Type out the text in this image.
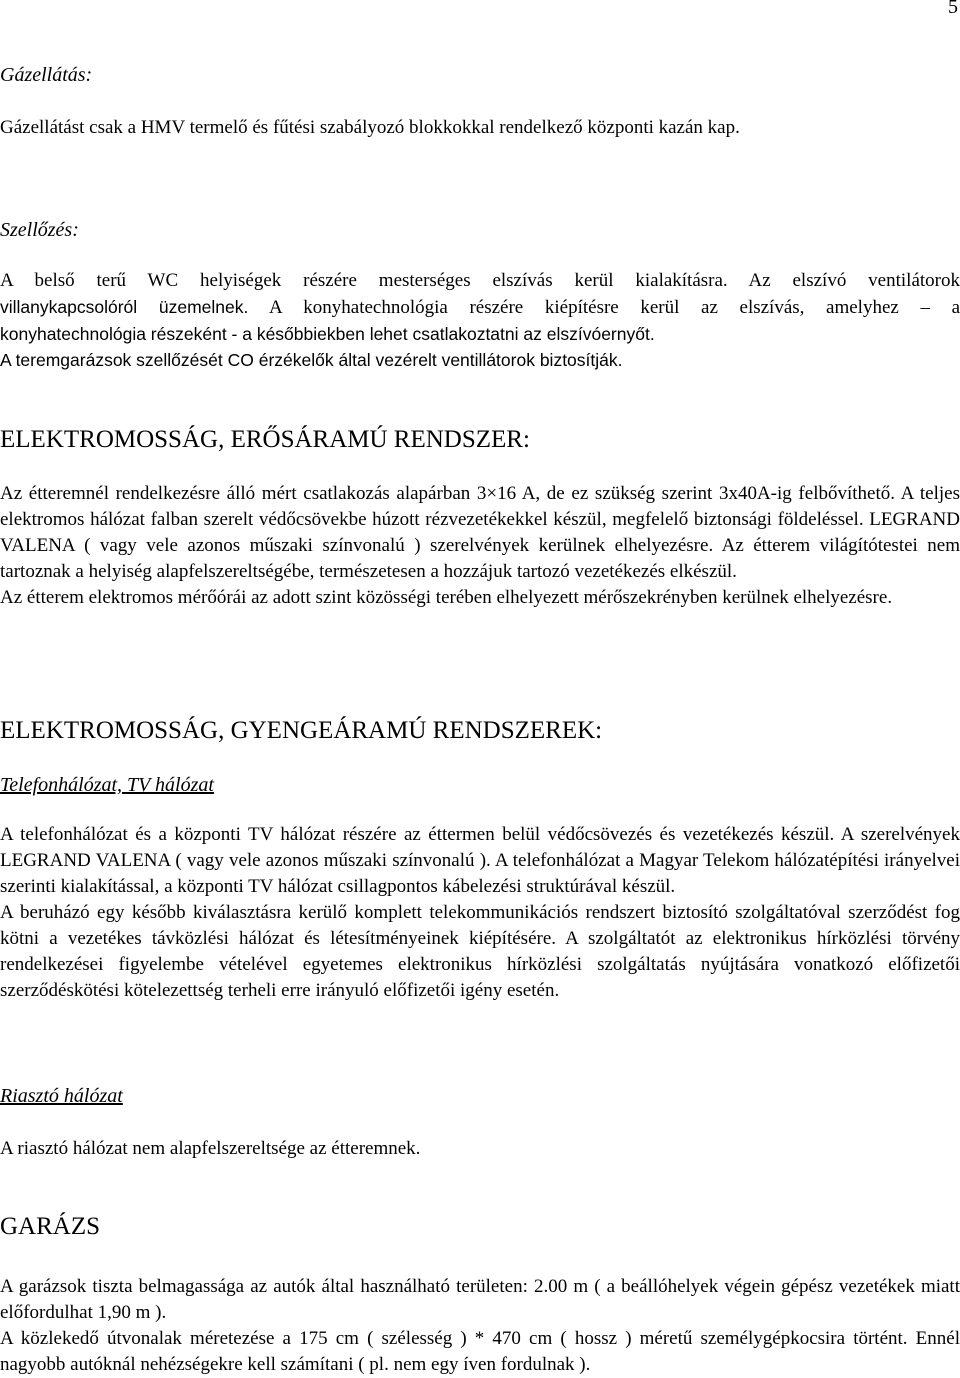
5
Gázellátás:

Gázellátást csak a HMV termelő és fűtési szabályozó blokkokkal rendelkező központi kazán kap.

Szellőzés:

A belső terű WC helyiségek részére mesterséges elszívás kerül kialakításra. Az elszívó ventilátorok

villanykapcsolóról üzemelnek. A konyhatechnológia részére kiépítésre kerül az elszívás, amelyhez – a

konyhatechnológia részeként - a későbbiekben lehet csatlakoztatni az elszívóernyőt.

A teremgarázsok szellőzését CO érzékelők által vezérelt ventillátorok biztosítják.

ELEKTROMOSSÁG, ERŐSÁRAMÚ RENDSZER:

Az étteremnél rendelkezésre álló mért csatlakozás alapárban 3×16 A, de ez szükség szerint 3x40A-ig felbővíthető. A teljes elektromos hálózat falban szerelt védőcsövekbe húzott rézvezetékekkel készül, megfelelő biztonsági földeléssel. LEGRAND VALENA ( vagy vele azonos műszaki színvonalú ) szerelvények kerülnek elhelyezésre. Az étterem világítótestei nem tartoznak a helyiség alapfelszereltségébe, természetesen a hozzájuk tartozó vezetékezés elkészül.

Az étterem elektromos mérőórái az adott szint közösségi terében elhelyezett mérőszekrényben kerülnek elhelyezésre.

ELEKTROMOSSÁG, GYENGEÁRAMÚ RENDSZEREK:
Telefonhálózat, TV hálózat

A telefonhálózat és a központi TV hálózat részére az éttermen belül védőcsövezés és vezetékezés készül. A szerelvények LEGRAND VALENA ( vagy vele azonos műszaki színvonalú ). A telefonhálózat a Magyar Telekom hálózatépítési irányelvei szerinti kialakítással, a központi TV hálózat csillagpontos kábelezési struktúrával készül.

A beruházó egy később kiválasztásra kerülő komplett telekommunikációs rendszert biztosító szolgáltatóval szerződést fog kötni a vezetékes távközlési hálózat és létesítményeinek kiépítésére. A szolgáltatót az elektronikus hírközlési törvény rendelkezései figyelembe vételével egyetemes elektronikus hírközlési szolgáltatás nyújtására vonatkozó előfizetői szerződéskötési kötelezettség terheli erre irányuló előfizetői igény esetén.

Riasztó hálózat

A riasztó hálózat nem alapfelszereltsége az étteremnek.

GARÁZS

A garázsok tiszta belmagassága az autók által használható területen: 2.00 m ( a beállóhelyek végein gépész vezetékek miatt előfordulhat 1,90 m ).

A közlekedő útvonalak méretezése a 175 cm ( szélesség ) * 470 cm ( hossz ) méretű személygépkocsira történt. Ennél nagyobb autóknál nehézségekre kell számítani ( pl. nem egy íven fordulnak ).
